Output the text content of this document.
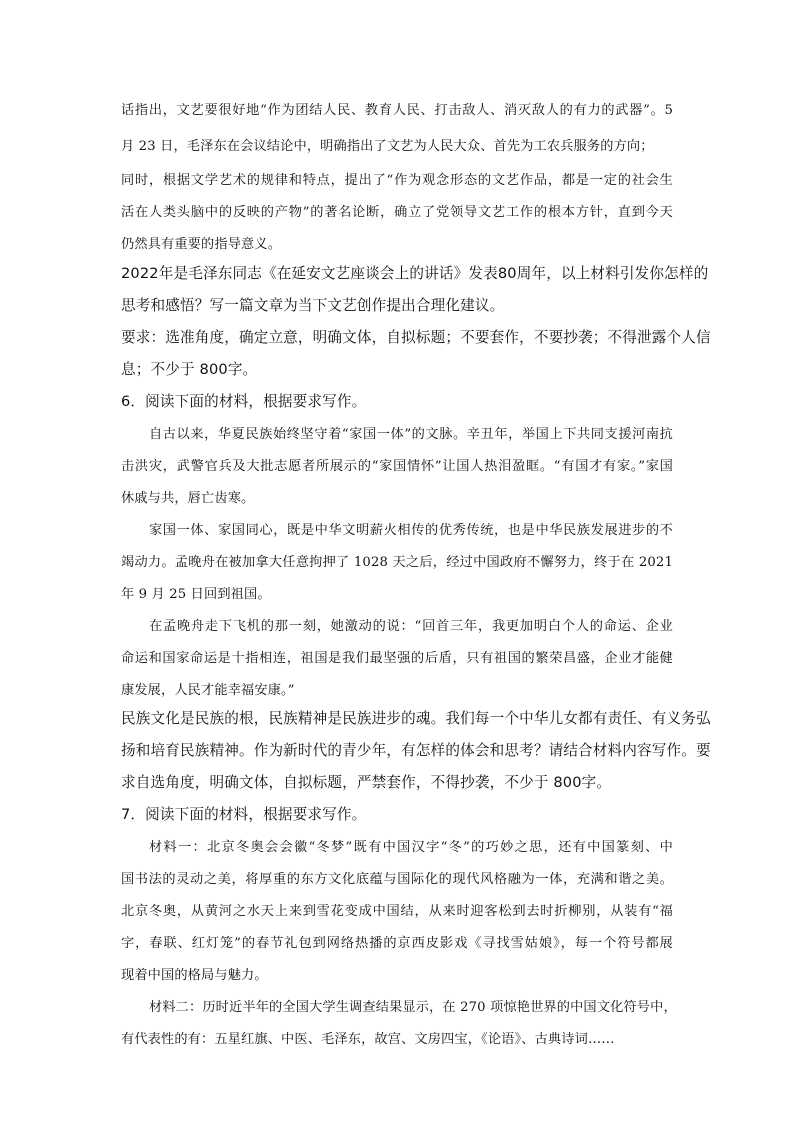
话指出，文艺要很好地“作为团结人民、教育人民、打击敌人、消灭敌人的有力的武器”。5
月 23 日，毛泽东在会议结论中，明确指出了文艺为人民大众、首先为工农兵服务的方向；
同时，根据文学艺术的规律和特点，提出了“作为观念形态的文艺作品，都是一定的社会生
活在人类头脑中的反映的产物”的著名论断，确立了党领导文艺工作的根本方针，直到今天
仍然具有重要的指导意义。
2022年是毛泽东同志《在延安文艺座谈会上的讲话》发表80周年，以上材料引发你怎样的
思考和感悟？写一篇文章为当下文艺创作提出合理化建议。
要求：选准角度，确定立意，明确文体，自拟标题；不要套作，不要抄袭；不得泄露个人信
息；不少于 800字。
6．阅读下面的材料，根据要求写作。
自古以来，华夏民族始终坚守着“家国一体”的文脉。辛丑年，举国上下共同支援河南抗
击洪灾，武警官兵及大批志愿者所展示的“家国情怀”让国人热泪盈眶。“有国才有家。”家国
休戚与共，唇亡齿寒。
家国一体、家国同心，既是中华文明薪火相传的优秀传统，也是中华民族发展进步的不
竭动力。孟晚舟在被加拿大任意拘押了 1028 天之后，经过中国政府不懈努力，终于在 2021
年 9 月 25 日回到祖国。
在孟晚舟走下飞机的那一刻，她激动的说：“回首三年，我更加明白个人的命运、企业
命运和国家命运是十指相连，祖国是我们最坚强的后盾，只有祖国的繁荣昌盛，企业才能健
康发展，人民才能幸福安康。”
民族文化是民族的根，民族精神是民族进步的魂。我们每一个中华儿女都有责任、有义务弘
扬和培育民族精神。作为新时代的青少年，有怎样的体会和思考？请结合材料内容写作。要
求自选角度，明确文体，自拟标题，严禁套作，不得抄袭，不少于 800字。
7．阅读下面的材料，根据要求写作。
材料一：北京冬奥会会徽“冬梦”既有中国汉字“冬”的巧妙之思，还有中国篆刻、中
国书法的灵动之美，将厚重的东方文化底蕴与国际化的现代风格融为一体，充满和谐之美。
北京冬奥，从黄河之水天上来到雪花变成中国结，从来时迎客松到去时折柳别，从装有“福
字，春联、红灯笼”的春节礼包到网络热播的京西皮影戏《寻找雪姑娘》，每一个符号都展
现着中国的格局与魅力。
材料二：历时近半年的全国大学生调查结果显示，在 270 项惊艳世界的中国文化符号中，
有代表性的有：五星红旗、中医、毛泽东，故宫、文房四宝，《论语》、古典诗词……
